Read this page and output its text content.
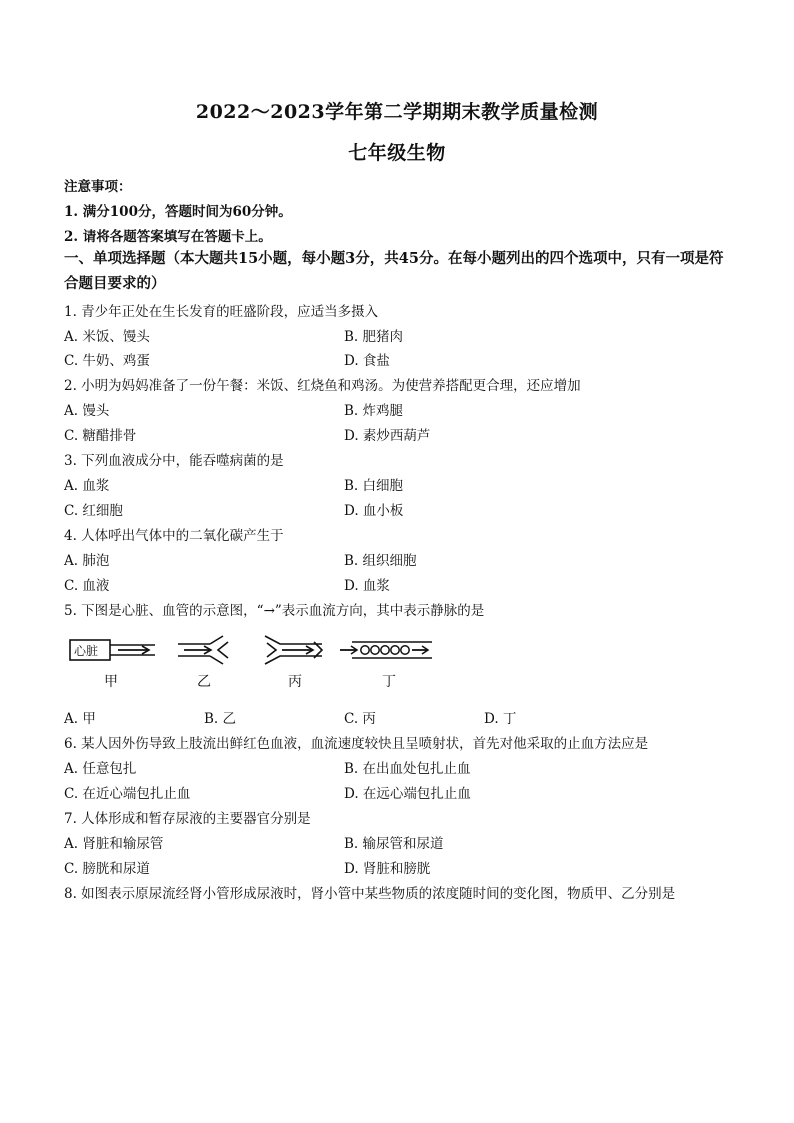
2022～2023学年第二学期期末教学质量检测
七年级生物
注意事项：
1. 满分100分，答题时间为60分钟。
2. 请将各题答案填写在答题卡上。
一、单项选择题（本大题共15小题，每小题3分，共45分。在每小题列出的四个选项中，只有一项是符合题目要求的）
1. 青少年正处在生长发育的旺盛阶段，应适当多摄入
A. 米饭、馒头	B. 肥猪肉
C. 牛奶、鸡蛋	D. 食盐
2. 小明为妈妈准备了一份午餐：米饭、红烧鱼和鸡汤。为使营养搭配更合理，还应增加
A. 馒头	B. 炸鸡腿
C. 糖醋排骨	D. 素炒西葫芦
3. 下列血液成分中，能吞噬病菌的是
A. 血浆	B. 白细胞
C. 红细胞	D. 血小板
4. 人体呼出气体中的二氧化碳产生于
A. 肺泡	B. 组织细胞
C. 血液	D. 血浆
5. 下图是心脏、血管的示意图，“→”表示血流方向，其中表示静脉的是
心脏
甲	乙	丙	丁
A. 甲	B. 乙	C. 丙	D. 丁
6. 某人因外伤导致上肢流出鲜红色血液，血流速度较快且呈喷射状，首先对他采取的止血方法应是
A. 任意包扎	B. 在出血处包扎止血
C. 在近心端包扎止血	D. 在远心端包扎止血
7. 人体形成和暂存尿液的主要器官分别是
A. 肾脏和输尿管	B. 输尿管和尿道
C. 膀胱和尿道	D. 肾脏和膀胱
8. 如图表示原尿流经肾小管形成尿液时，肾小管中某些物质的浓度随时间的变化图，物质甲、乙分别是
